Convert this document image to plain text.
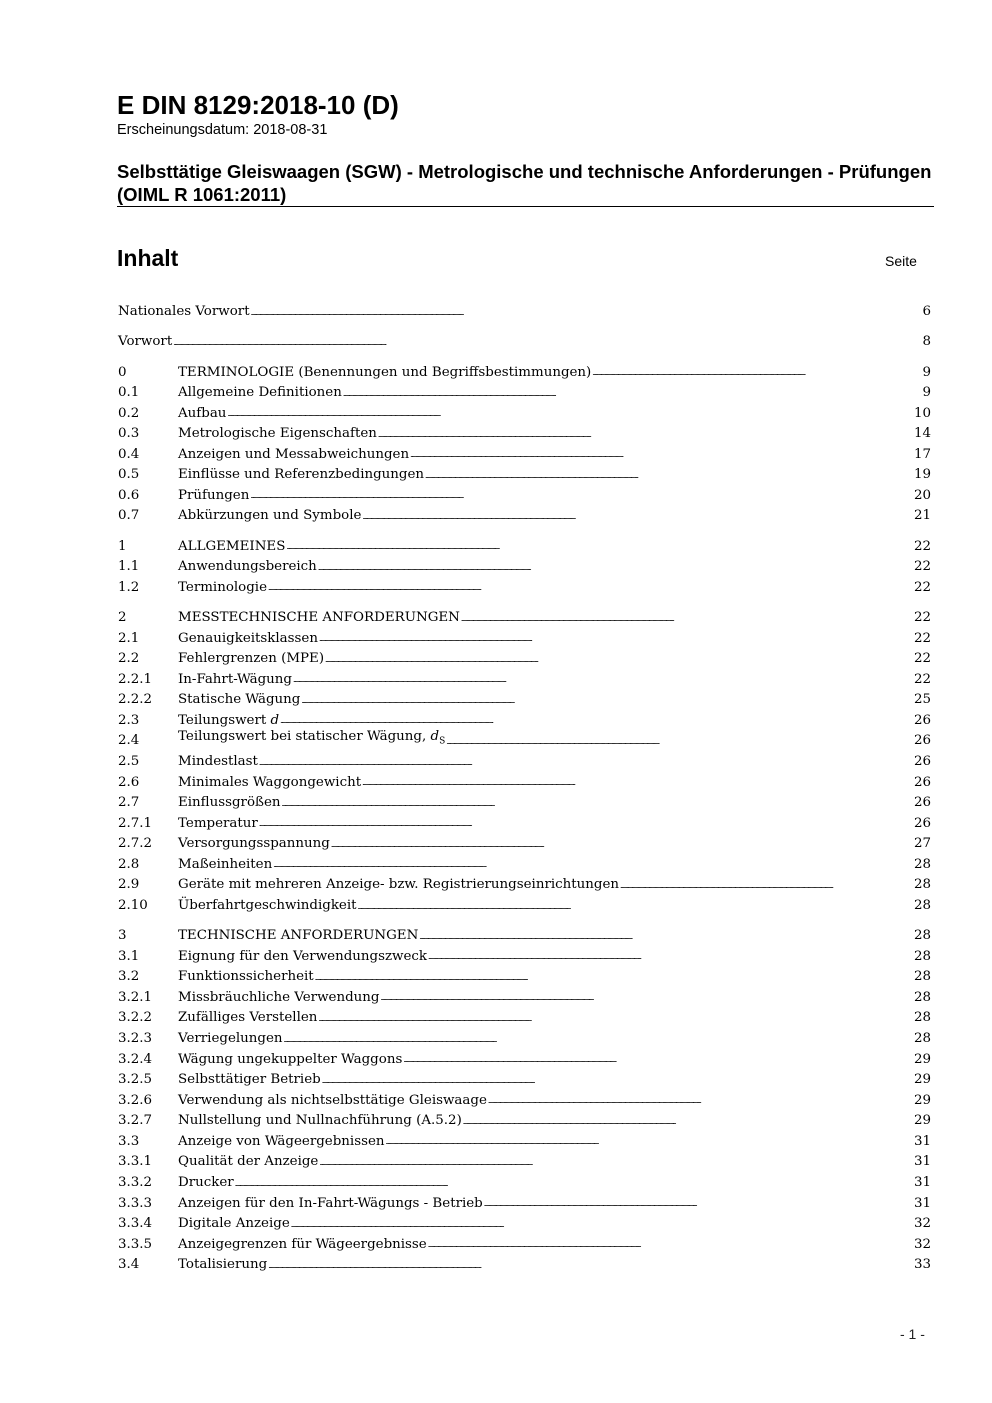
E DIN 8129:2018-10 (D)

Erscheinungsdatum: 2018-08-31

Selbsttätige Gleiswaagen (SGW) - Metrologische und technische Anforderungen - Prüfungen (OIML R 1061:2011)
Inhalt	Seite
Nationales Vorwort . . .	6
Vorwort . . .	8
0	TERMINOLOGIE (Benennungen und Begriffsbestimmungen) . . .	9
0.1	Allgemeine Definitionen . . .	9
0.2	Aufbau . . .	10
0.3	Metrologische Eigenschaften . . .	14
0.4	Anzeigen und Messabweichungen . . .	17
0.5	Einflüsse und Referenzbedingungen . . .	19
0.6	Prüfungen . . .	20
0.7	Abkürzungen und Symbole . . .	21
1	ALLGEMEINES . . .	22
1.1	Anwendungsbereich . . .	22
1.2	Terminologie . . .	22
2	MESSTECHNISCHE ANFORDERUNGEN . . .	22
2.1	Genauigkeitsklassen . . .	22
2.2	Fehlergrenzen (MPE) . . .	22
2.2.1	In-Fahrt-Wägung . . .	22
2.2.2	Statische Wägung . . .	25
2.3	Teilungswert d . . .	26
2.4	Teilungswert bei statischer Wägung, $d_S$ . . .	26
2.5	Mindestlast . . .	26
2.6	Minimales Waggongewicht . . .	26
2.7	Einflussgrößen . . .	26
2.7.1	Temperatur . . .	26
2.7.2	Versorgungsspannung . . .	27
2.8	Maßeinheiten . . .	28
2.9	Geräte mit mehreren Anzeige- bzw. Registrierungseinrichtungen . . .	28
2.10	Überfahrtgeschwindigkeit . . .	28
3	TECHNISCHE ANFORDERUNGEN . . .	28
3.1	Eignung für den Verwendungszweck . . .	28
3.2	Funktionssicherheit . . .	28
3.2.1	Missbräuchliche Verwendung . . .	28
3.2.2	Zufälliges Verstellen . . .	28
3.2.3	Verriegelungen . . .	28
3.2.4	Wägung ungekuppelter Waggons . . .	29
3.2.5	Selbsttätiger Betrieb . . .	29
3.2.6	Verwendung als nichtselbsttätige Gleiswaage . . .	29
3.2.7	Nullstellung und Nullnachführung (A.5.2) . . .	29
3.3	Anzeige von Wägeergebnissen . . .	31
3.3.1	Qualität der Anzeige . . .	31
3.3.2	Drucker . . .	31
3.3.3	Anzeigen für den In-Fahrt-Wägungs - Betrieb . . .	31
3.3.4	Digitale Anzeige . . .	32
3.3.5	Anzeigegrenzen für Wägeergebnisse . . .	32
3.4	Totalisierung . . .	33
- 1 -
